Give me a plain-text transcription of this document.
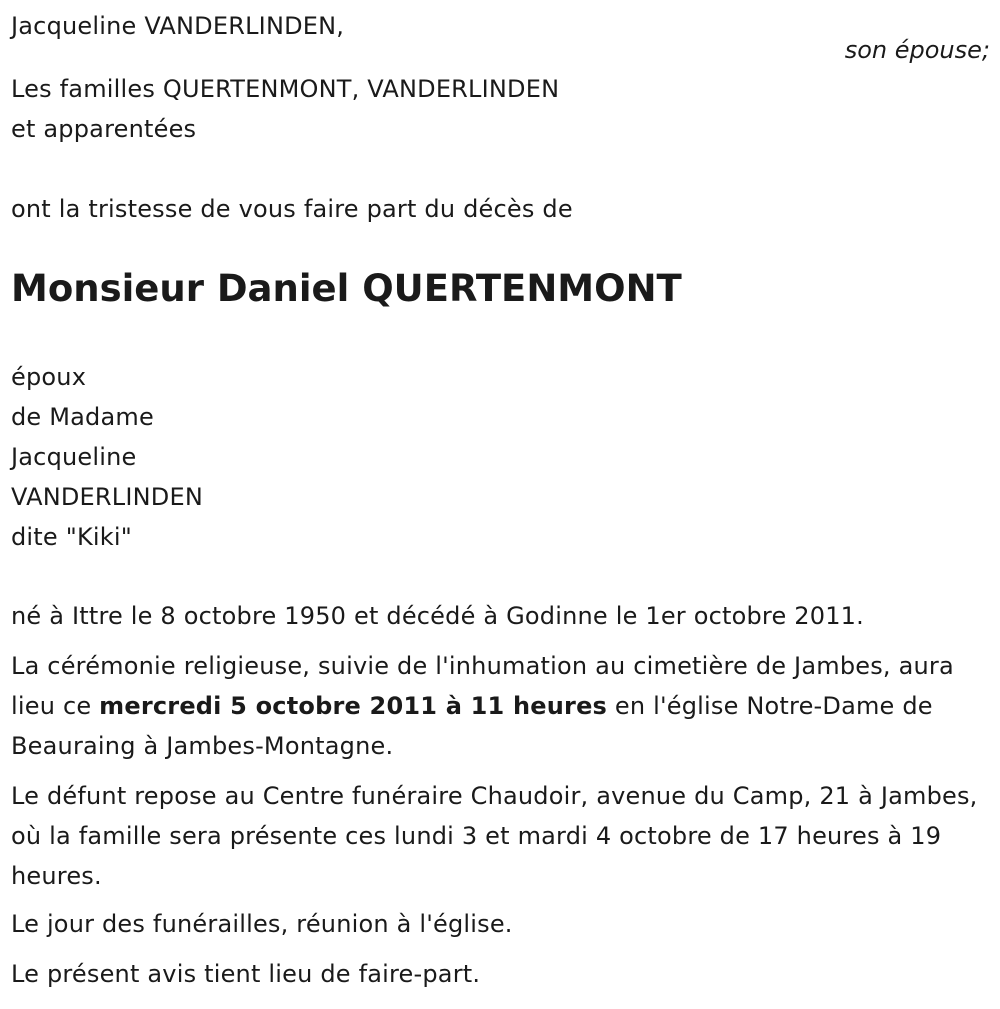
Jacqueline VANDERLINDEN,
son épouse;
Les familles QUERTENMONT, VANDERLINDEN
et apparentées
ont la tristesse de vous faire part du décès de
Monsieur Daniel QUERTENMONT
époux
de Madame
Jacqueline
VANDERLINDEN
dite "Kiki"
né à Ittre le 8 octobre 1950 et décédé à Godinne le 1er octobre 2011.
La cérémonie religieuse, suivie de l'inhumation au cimetière de Jambes, aura lieu ce mercredi 5 octobre 2011 à 11 heures en l'église Notre-Dame de Beauraing à Jambes-Montagne.
Le défunt repose au Centre funéraire Chaudoir, avenue du Camp, 21 à Jambes, où la famille sera présente ces lundi 3 et mardi 4 octobre de 17 heures à 19 heures.
Le jour des funérailles, réunion à l'église.
Le présent avis tient lieu de faire-part.
